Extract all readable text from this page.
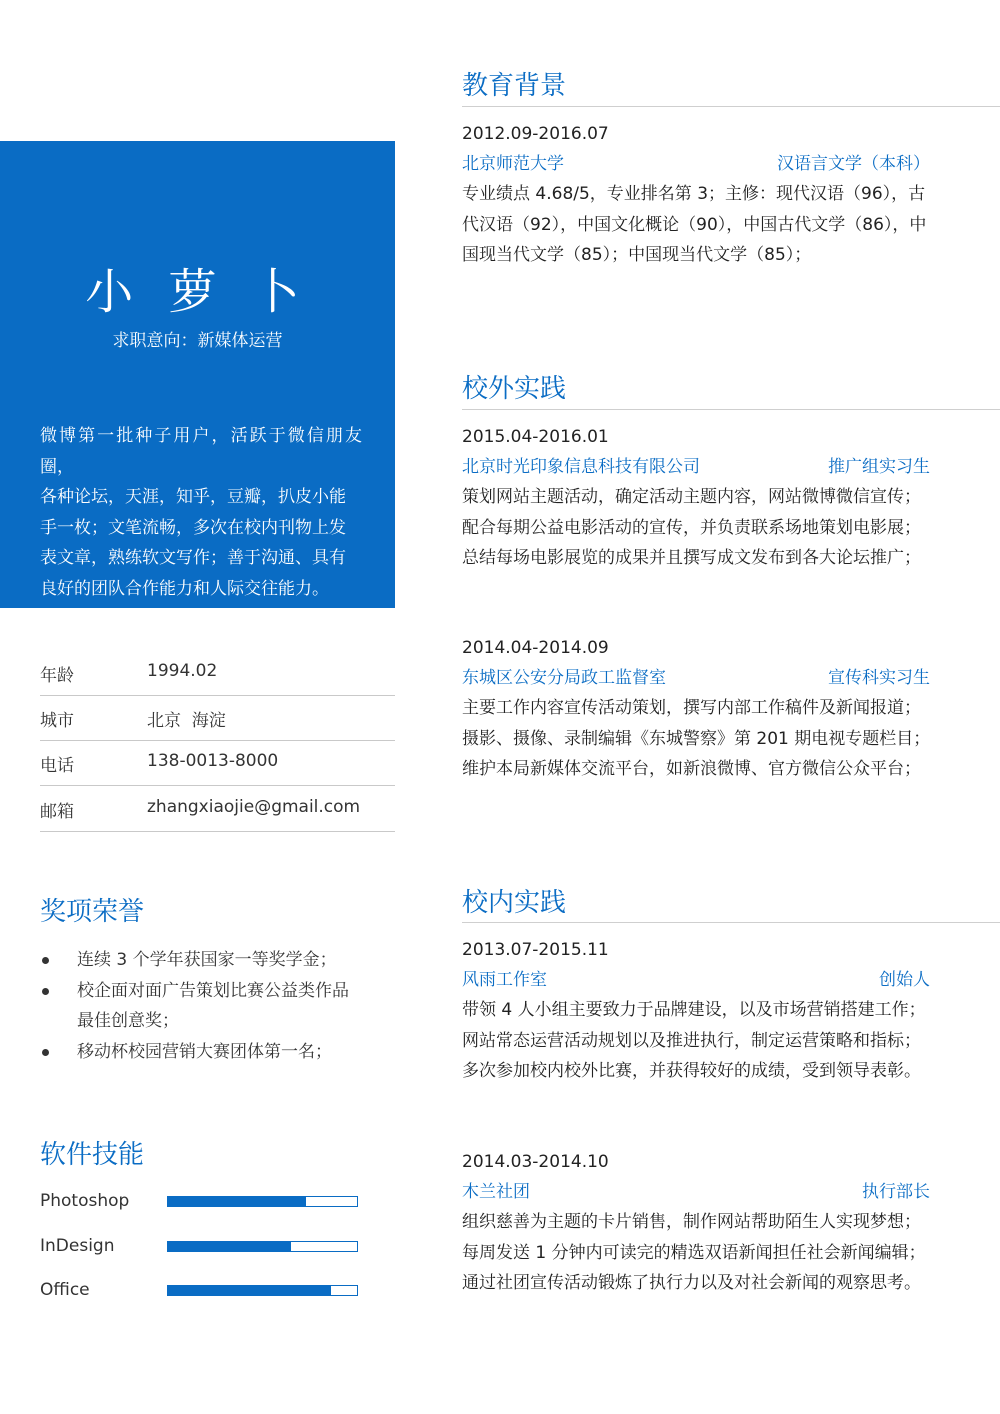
小 萝 卜
求职意向：新媒体运营
微博第一批种子用户，活跃于微信朋友圈，
各种论坛，天涯，知乎，豆瓣，扒皮小能
手一枚；文笔流畅，多次在校内刊物上发
表文章，熟练软文写作；善于沟通、具有
良好的团队合作能力和人际交往能力。
年龄	1994.02
城市	北京  海淀
电话	138-0013-8000
邮箱	zhangxiaojie@gmail.com
奖项荣誉
连续 3 个学年获国家一等奖学金；
校企面对面广告策划比赛公益类作品
最佳创意奖；
移动杯校园营销大赛团体第一名；
软件技能
Photoshop
InDesign
Office
教育背景
2012.09-2016.07
北京师范大学	汉语言文学（本科）
专业绩点 4.68/5，专业排名第 3；主修：现代汉语（96），古
代汉语（92），中国文化概论（90），中国古代文学（86），中
国现当代文学（85）；中国现当代文学（85）；
校外实践
2015.04-2016.01
北京时光印象信息科技有限公司	推广组实习生
策划网站主题活动，确定活动主题内容，网站微博微信宣传；
配合每期公益电影活动的宣传，并负责联系场地策划电影展；
总结每场电影展览的成果并且撰写成文发布到各大论坛推广；
2014.04-2014.09
东城区公安分局政工监督室	宣传科实习生
主要工作内容宣传活动策划，撰写内部工作稿件及新闻报道；
摄影、摄像、录制编辑《东城警察》第 201 期电视专题栏目；
维护本局新媒体交流平台，如新浪微博、官方微信公众平台；
校内实践
2013.07-2015.11
风雨工作室	创始人
带领 4 人小组主要致力于品牌建设，以及市场营销搭建工作；
网站常态运营活动规划以及推进执行，制定运营策略和指标；
多次参加校内校外比赛，并获得较好的成绩，受到领导表彰。
2014.03-2014.10
木兰社团	执行部长
组织慈善为主题的卡片销售，制作网站帮助陌生人实现梦想；
每周发送 1 分钟内可读完的精选双语新闻担任社会新闻编辑；
通过社团宣传活动锻炼了执行力以及对社会新闻的观察思考。
